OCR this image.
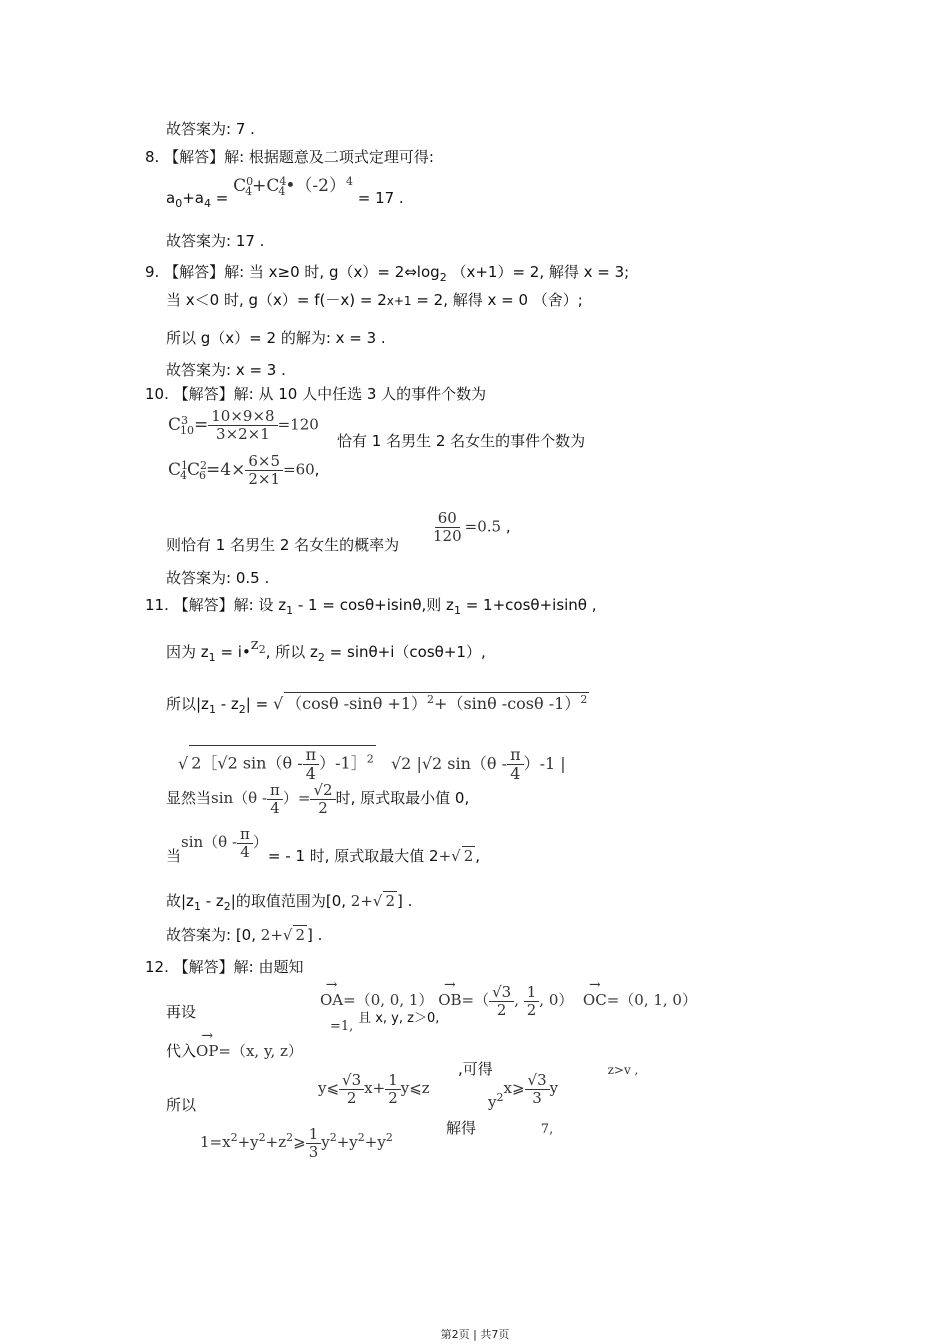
故答案为: 7 .
8. 【解答】解: 根据题意及二项式定理可得:
$a_0+a_4$ = $C^0_4+C^4_4•(-2)^4 = 17$ .
故答案为: 17 .
9. 【解答】解: 当 x≥0 时, $g(x)= 2\Leftrightarrow\log_2$ （x+1）= 2, 解得 x = 3;
当 x＜0 时, g（x）= f(－x) = 2x+1 = 2, 解得 x = 0 （舍）;
所以 g（x）= 2 的解为: x = 3 .
故答案为: x = 3 .
10. 【解答】解: 从 10 人中任选 3 人的事件个数为
$C^3_{10}= \frac{10\times 9\times 8}{3\times 2\times 1} =120$
恰有 1 名男生 2 名女生的事件个数为
$C^1_4C^2_6=4\times \frac{6\times 5}{2\times 1} =60$,
则恰有 1 名男生 2 名女生的概率为
$\frac{60}{120} =0.5$ ,
故答案为: 0.5 .
11. 【解答】解: 设 $z_1 - 1 = \cos\theta+isin\theta$,则 $z_1 = 1+\cos\theta+isin\theta$ ,
因为 $z_1$ = $i•z_2$, 所以 $z_2 = \sin\theta+i(\cos\theta+1)$,
所以$|z_1 - z_2|$ = √ （cosθ -sinθ +1）$^2$+（sinθ -cosθ -1）$^2$
√ 2［√2 $\sin(\theta - \frac{\pi}{4}$ ）-1］$^2$   √2 |√2 $\sin(\theta - \frac{\pi}{4} )-1$ |
显然当$\sin(\theta - \frac{\pi}{4}$ ）= $\frac{√2}{2}$ 时, 原式取最小值 0,
当$\sin(\theta - \frac{\pi}{4}$ ）= - 1 时, 原式取最大值 2+√ 2 ,
故$|z_1 - z_2|$的取值范围为[0, 2+√ 2 ] .
故答案为: [0, 2+√ 2 ] .
12. 【解答】解: 由题知
→ OA=（0, 0, $1) \to OB=( \frac{√3}{2}$ , $\frac{1}{2}$ , 0）  → OC=（0, 1, 0）
再设
=1, 且 x, y, z＞0,
代入→ OP=（x, y, z）
,可得	z>v ,
所以
y⩽ $\frac{√3}{2} x+ \frac{1}{2}$ y⩽z
$y^2x⩾ \frac{√3}{3}$ y
$1=x^2+y^2+z^2⩾ \frac{1}{3} y^2+y^2+y^2$
解得	7,
第2页 | 共7页
